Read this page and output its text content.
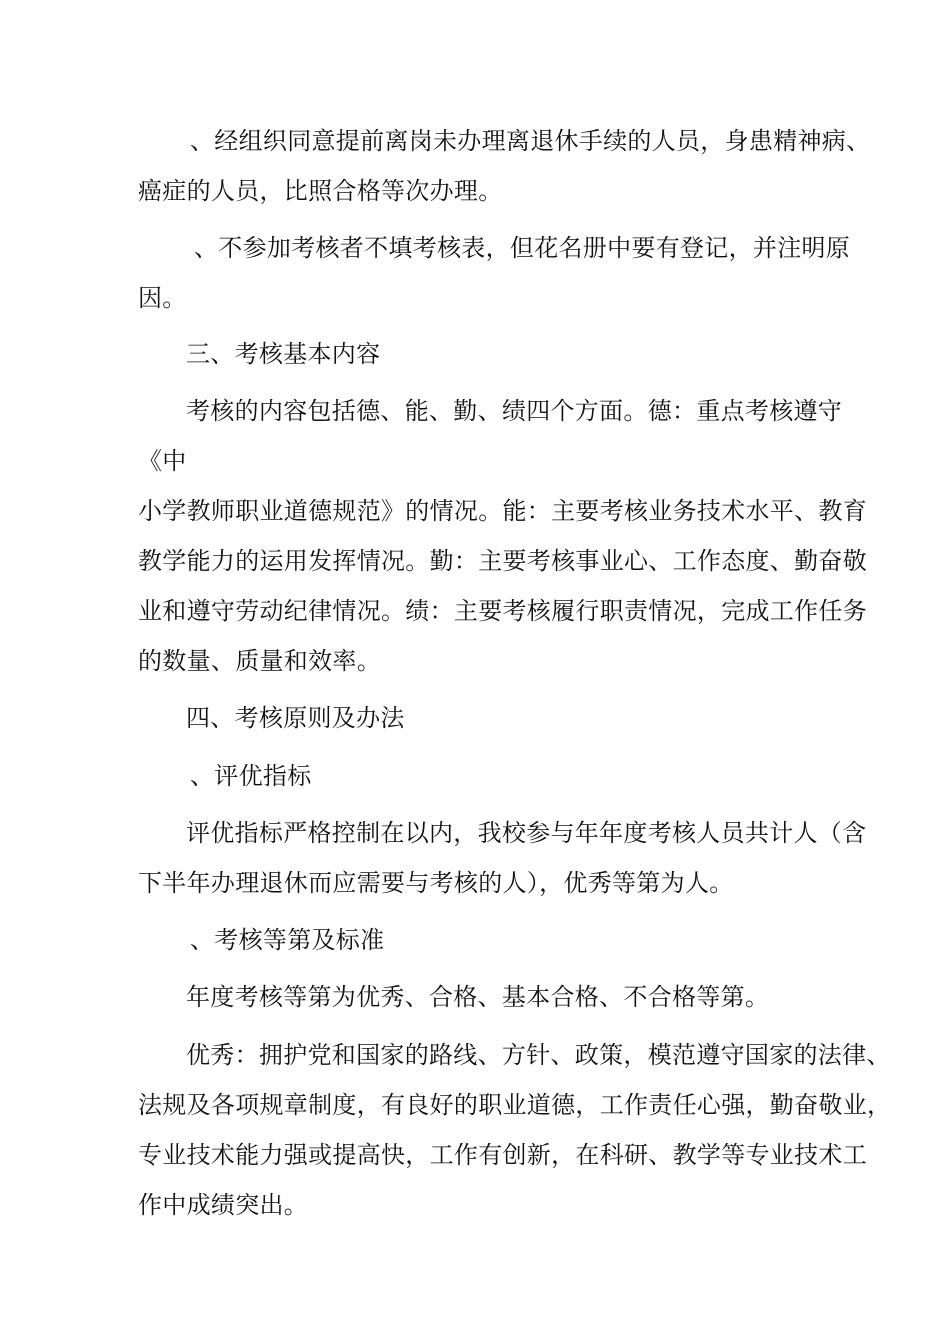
、经组织同意提前离岗未办理离退休手续的人员，身患精神病、
癌症的人员，比照合格等次办理。
、不参加考核者不填考核表，但花名册中要有登记，并注明原
因。
三、考核基本内容
考核的内容包括德、能、勤、绩四个方面。德：重点考核遵守
《中
小学教师职业道德规范》的情况。能：主要考核业务技术水平、教育
教学能力的运用发挥情况。勤：主要考核事业心、工作态度、勤奋敬
业和遵守劳动纪律情况。绩：主要考核履行职责情况，完成工作任务
的数量、质量和效率。
四、考核原则及办法
、评优指标
评优指标严格控制在以内，我校参与年年度考核人员共计人（含
下半年办理退休而应需要与考核的人），优秀等第为人。
、考核等第及标准
年度考核等第为优秀、合格、基本合格、不合格等第。
优秀：拥护党和国家的路线、方针、政策，模范遵守国家的法律、
法规及各项规章制度，有良好的职业道德，工作责任心强，勤奋敬业，
专业技术能力强或提高快，工作有创新，在科研、教学等专业技术工
作中成绩突出。
